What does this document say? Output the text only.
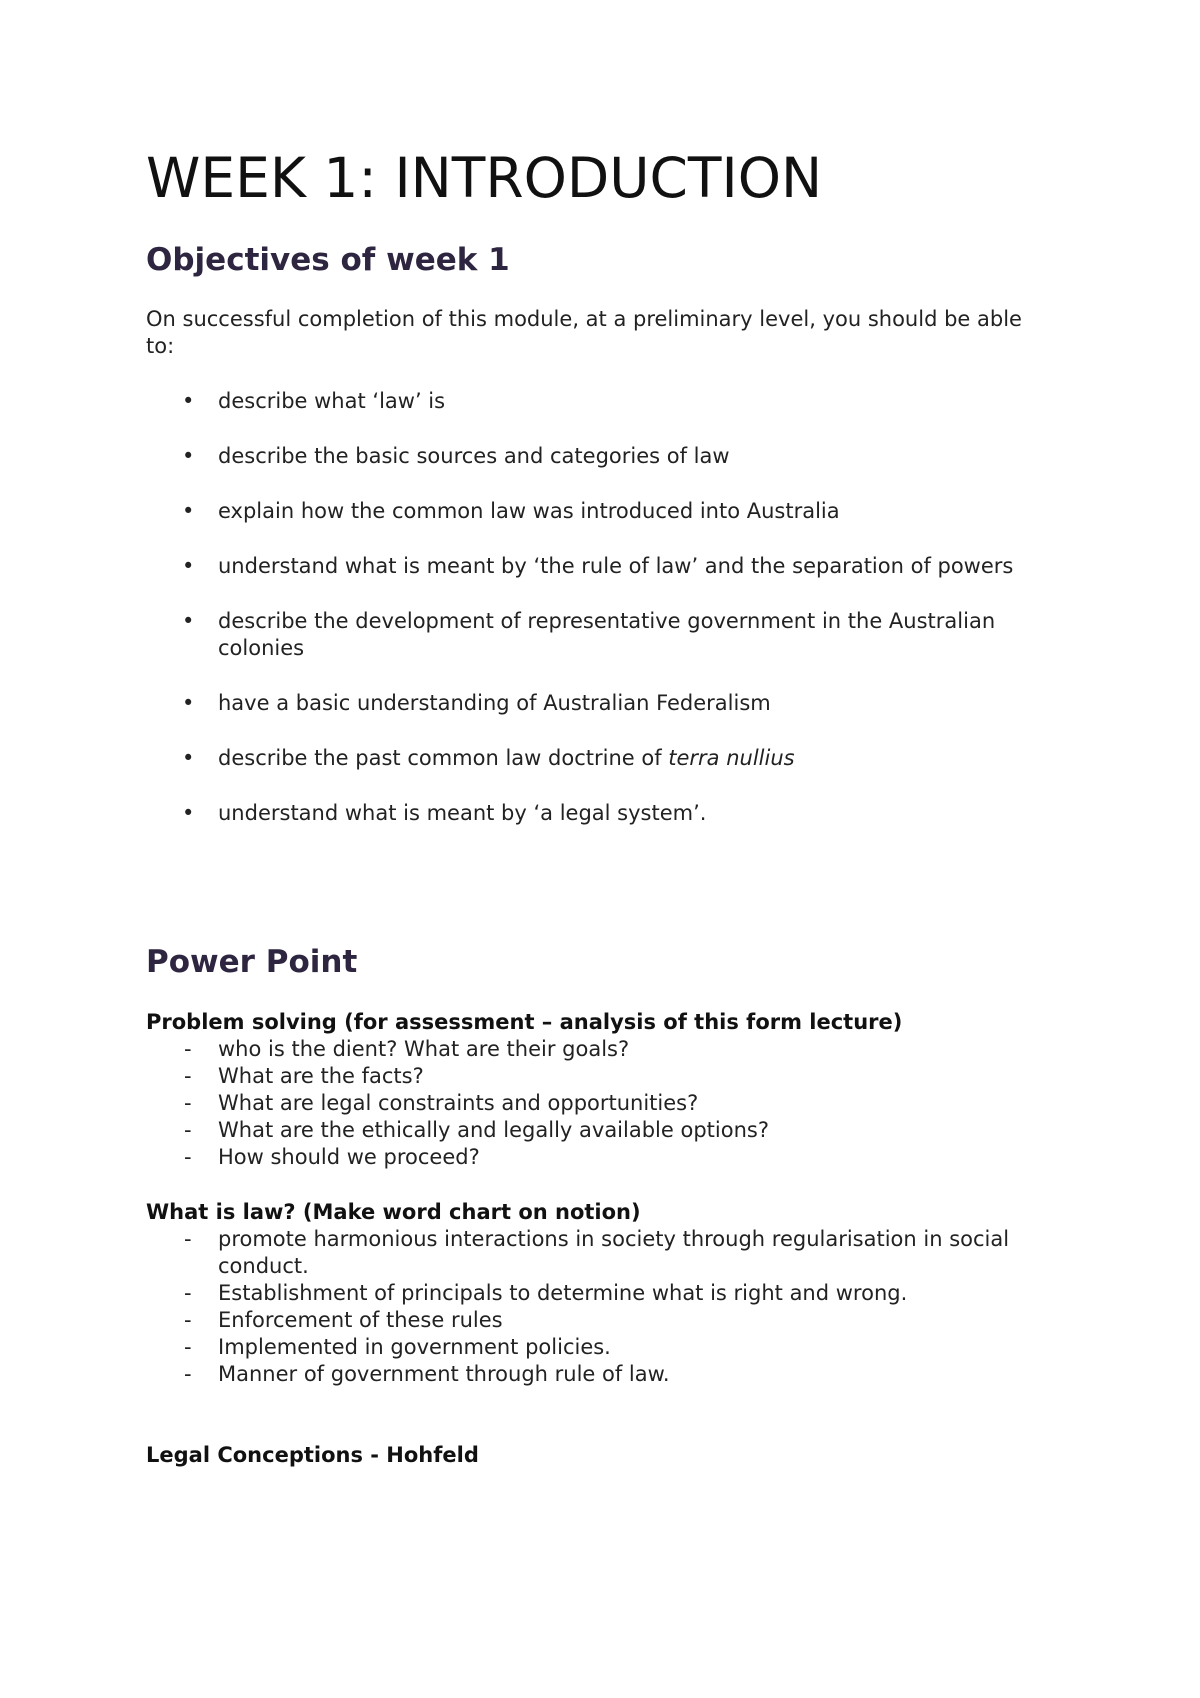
WEEK 1: INTRODUCTION
Objectives of week 1

On successful completion of this module, at a preliminary level, you should be able to:

•	describe what ‘law’ is
•	describe the basic sources and categories of law
•	explain how the common law was introduced into Australia
•	understand what is meant by ‘the rule of law’ and the separation of powers
•	describe the development of representative government in the Australian colonies
•	have a basic understanding of Australian Federalism
•	describe the past common law doctrine of terra nullius
•	understand what is meant by ‘a legal system’.
Power Point
Problem solving (for assessment – analysis of this form lecture)
-	who is the dient? What are their goals?
-	What are the facts?
-	What are legal constraints and opportunities?
-	What are the ethically and legally available options?
-	How should we proceed?
What is law? (Make word chart on notion)
-	promote harmonious interactions in society through regularisation in social conduct.
-	Establishment of principals to determine what is right and wrong.
-	Enforcement of these rules
-	Implemented in government policies.
-	Manner of government through rule of law.
Legal Conceptions - Hohfeld
